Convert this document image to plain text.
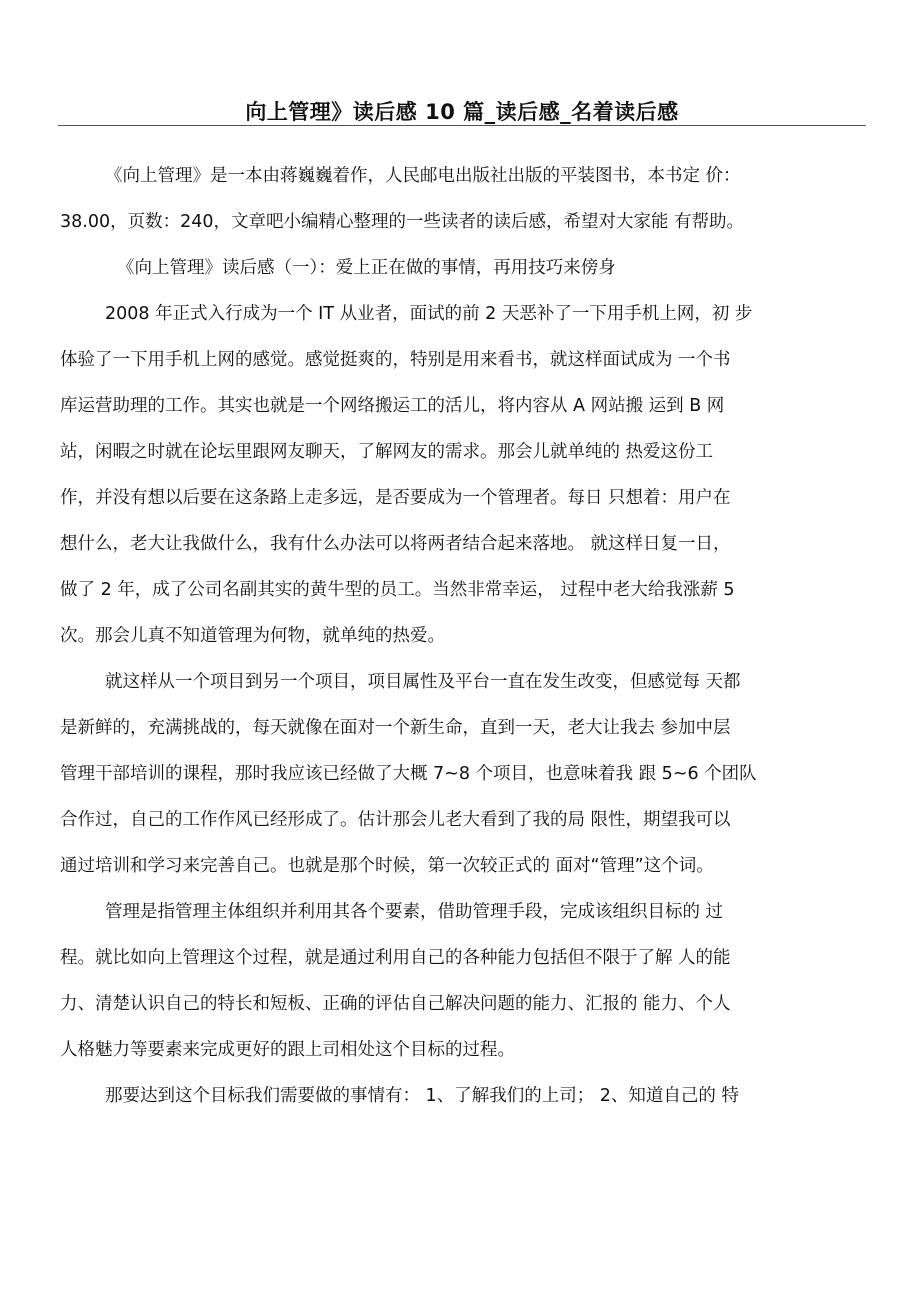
向上管理》读后感 10 篇_读后感_名着读后感
《向上管理》是一本由蒋巍巍着作，人民邮电出版社出版的平装图书，本书定 价：
38.00，页数：240，文章吧小编精心整理的一些读者的读后感，希望对大家能 有帮助。
《向上管理》读后感（一）：爱上正在做的事情，再用技巧来傍身
2008 年正式入行成为一个 IT 从业者，面试的前 2 天恶补了一下用手机上网，初 步
体验了一下用手机上网的感觉。感觉挺爽的，特别是用来看书，就这样面试成为 一个书
库运营助理的工作。其实也就是一个网络搬运工的活儿，将内容从 A 网站搬 运到 B 网
站，闲暇之时就在论坛里跟网友聊天，了解网友的需求。那会儿就单纯的 热爱这份工
作，并没有想以后要在这条路上走多远，是否要成为一个管理者。每日 只想着：用户在
想什么，老大让我做什么，我有什么办法可以将两者结合起来落地。 就这样日复一日，
做了 2 年，成了公司名副其实的黄牛型的员工。当然非常幸运， 过程中老大给我涨薪 5
次。那会儿真不知道管理为何物，就单纯的热爱。
就这样从一个项目到另一个项目，项目属性及平台一直在发生改变，但感觉每 天都
是新鲜的，充满挑战的，每天就像在面对一个新生命，直到一天，老大让我去 参加中层
管理干部培训的课程，那时我应该已经做了大概 7~8 个项目，也意味着我 跟 5~6 个团队
合作过，自己的工作作风已经形成了。估计那会儿老大看到了我的局 限性，期望我可以
通过培训和学习来完善自己。也就是那个时候，第一次较正式的 面对“管理”这个词。
管理是指管理主体组织并利用其各个要素，借助管理手段，完成该组织目标的 过
程。就比如向上管理这个过程，就是通过利用自己的各种能力包括但不限于了解 人的能
力、清楚认识自己的特长和短板、正确的评估自己解决问题的能力、汇报的 能力、个人
人格魅力等要素来完成更好的跟上司相处这个目标的过程。
那要达到这个目标我们需要做的事情有： 1、了解我们的上司； 2、知道自己的 特
